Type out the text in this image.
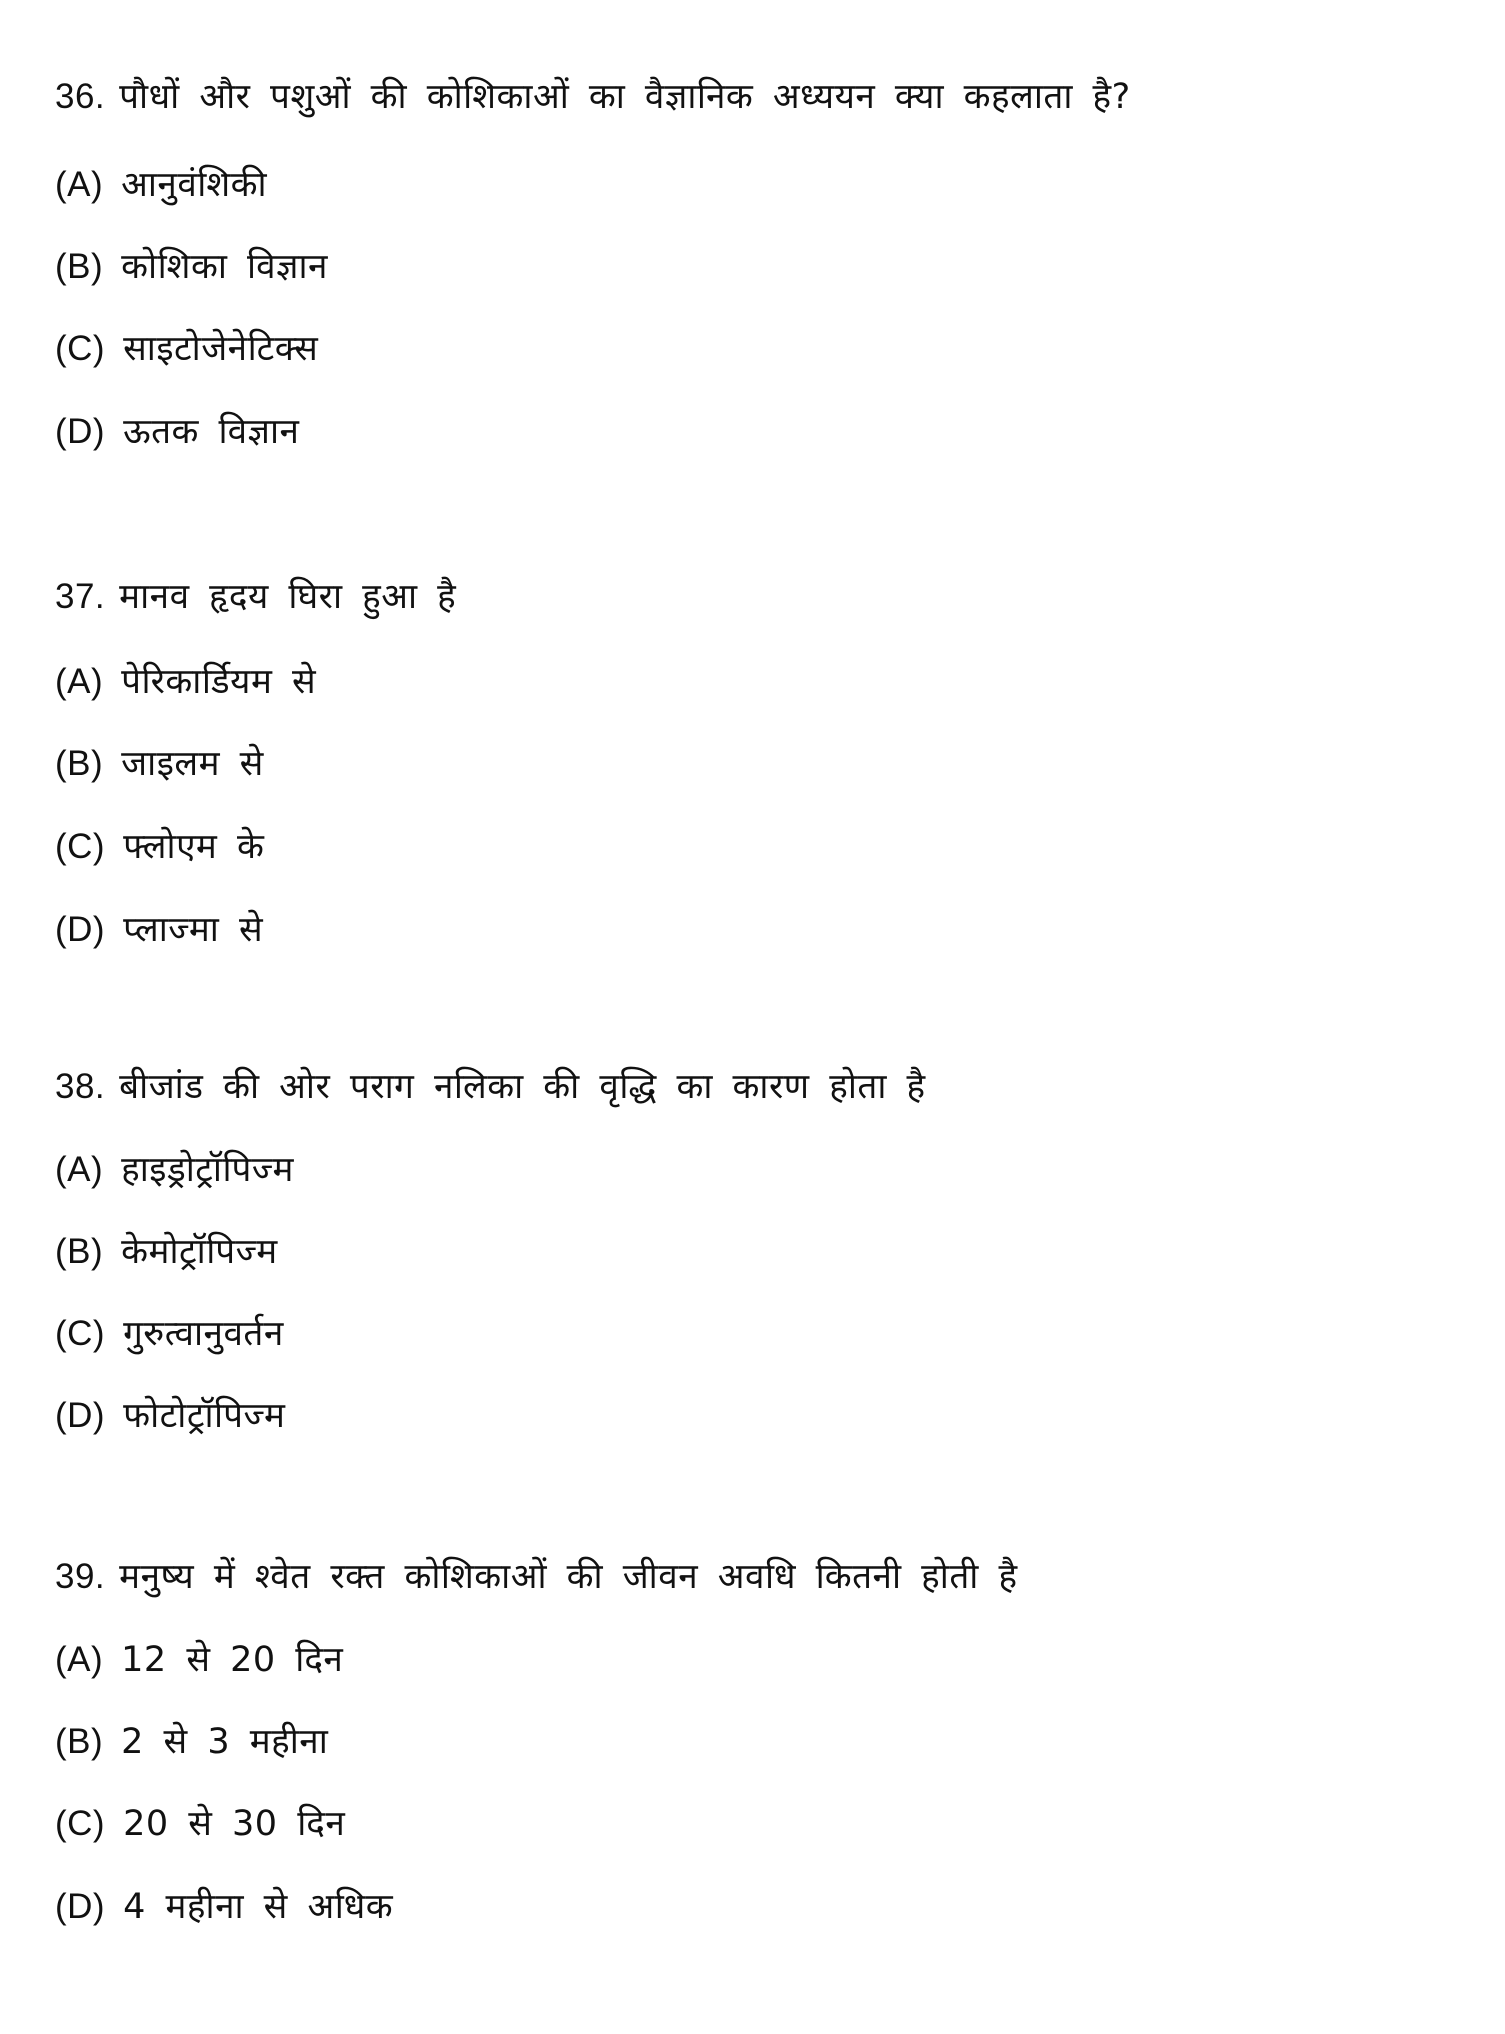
36. पौधों और पशुओं की कोशिकाओं का वैज्ञानिक अध्ययन क्या कहलाता है?
(A) आनुवंशिकी
(B) कोशिका विज्ञान
(C) साइटोजेनेटिक्स
(D) ऊतक विज्ञान
37. मानव हृदय घिरा हुआ है
(A) पेरिकार्डियम से
(B) जाइलम से
(C) फ्लोएम के
(D) प्लाज्मा से
38. बीजांड की ओर पराग नलिका की वृद्धि का कारण होता है
(A) हाइड्रोट्रॉपिज्म
(B) केमोट्रॉपिज्म
(C) गुरुत्वानुवर्तन
(D) फोटोट्रॉपिज्म
39. मनुष्य में श्वेत रक्त कोशिकाओं की जीवन अवधि कितनी होती है
(A) 12 से 20 दिन
(B) 2 से 3 महीना
(C) 20 से 30 दिन
(D) 4 महीना से अधिक
